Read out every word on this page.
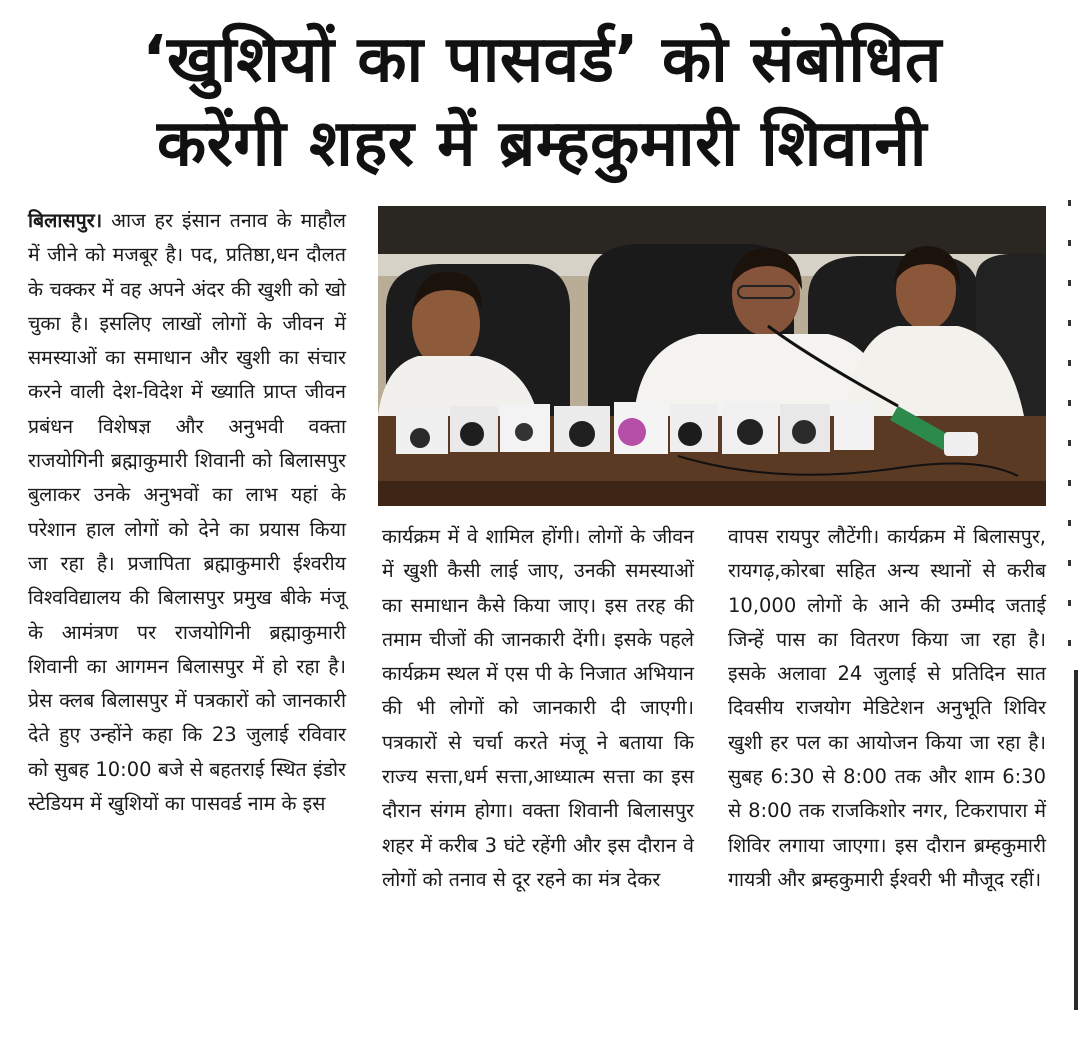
‘खुशियों का पासवर्ड’ को संबोधित
करेंगी शहर में ब्रम्हकुमारी शिवानी

बिलासपुर। आज हर इंसान तनाव के माहौल में जीने को मजबूर है। पद, प्रतिष्ठा,धन दौलत के चक्कर में वह अपने अंदर की खुशी को खो चुका है। इसलिए लाखों लोगों के जीवन में समस्याओं का समाधान और खुशी का संचार करने वाली देश-विदेश में ख्याति प्राप्त जीवन प्रबंधन विशेषज्ञ और अनुभवी वक्ता राजयोगिनी ब्रह्माकुमारी शिवानी को बिलासपुर बुलाकर उनके अनुभवों का लाभ यहां के परेशान हाल लोगों को देने का प्रयास किया जा रहा है। प्रजापिता ब्रह्माकुमारी ईश्वरीय विश्वविद्यालय की बिलासपुर प्रमुख बीके मंजू के आमंत्रण पर राजयोगिनी ब्रह्माकुमारी शिवानी का आगमन बिलासपुर में हो रहा है। प्रेस क्लब बिलासपुर में पत्रकारों को जानकारी देते हुए उन्होंने कहा कि 23 जुलाई रविवार को सुबह 10:00 बजे से बहतराई स्थित इंडोर स्टेडियम में खुशियों का पासवर्ड नाम के इस

कार्यक्रम में वे शामिल होंगी। लोगों के जीवन में खुशी कैसी लाई जाए, उनकी समस्याओं का समाधान कैसे किया जाए। इस तरह की तमाम चीजों की जानकारी देंगी। इसके पहले कार्यक्रम स्थल में एस पी के निजात अभियान की भी लोगों को जानकारी दी जाएगी। पत्रकारों से चर्चा करते मंजू ने बताया कि राज्य सत्ता,धर्म सत्ता,आध्यात्म सत्ता का इस दौरान संगम होगा। वक्ता शिवानी बिलासपुर शहर में करीब 3 घंटे रहेंगी और इस दौरान वे लोगों को तनाव से दूर रहने का मंत्र देकर

वापस रायपुर लौटेंगी। कार्यक्रम में बिलासपुर, रायगढ़,कोरबा सहित अन्य स्थानों से करीब 10,000 लोगों के आने की उम्मीद जताई जिन्हें पास का वितरण किया जा रहा है। इसके अलावा 24 जुलाई से प्रतिदिन सात दिवसीय राजयोग मेडिटेशन अनुभूति शिविर खुशी हर पल का आयोजन किया जा रहा है। सुबह 6:30 से 8:00 तक और शाम 6:30 से 8:00 तक राजकिशोर नगर, टिकरापारा में शिविर लगाया जाएगा। इस दौरान ब्रम्हकुमारी गायत्री और ब्रम्हकुमारी ईश्वरी भी मौजूद रहीं।
